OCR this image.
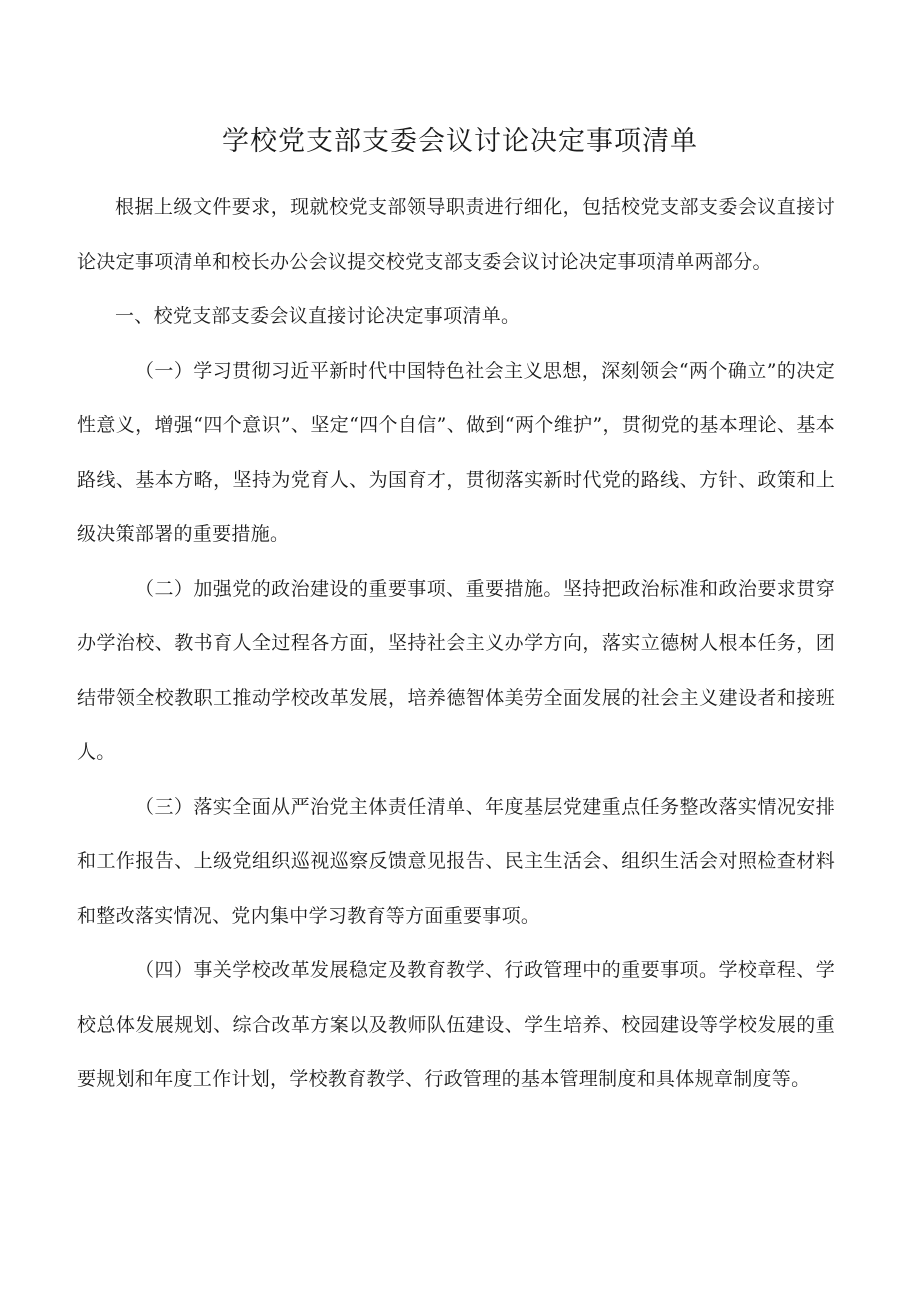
学校党支部支委会议讨论决定事项清单

根据上级文件要求，现就校党支部领导职责进行细化，包括校党支部支委会议直接讨论决定事项清单和校长办公会议提交校党支部支委会议讨论决定事项清单两部分。

一、校党支部支委会议直接讨论决定事项清单。

（一）学习贯彻习近平新时代中国特色社会主义思想，深刻领会“两个确立”的决定性意义，增强“四个意识”、坚定“四个自信”、做到“两个维护”，贯彻党的基本理论、基本路线、基本方略，坚持为党育人、为国育才，贯彻落实新时代党的路线、方针、政策和上级决策部署的重要措施。

（二）加强党的政治建设的重要事项、重要措施。坚持把政治标准和政治要求贯穿办学治校、教书育人全过程各方面，坚持社会主义办学方向，落实立德树人根本任务，团结带领全校教职工推动学校改革发展，培养德智体美劳全面发展的社会主义建设者和接班人。

（三）落实全面从严治党主体责任清单、年度基层党建重点任务整改落实情况安排和工作报告、上级党组织巡视巡察反馈意见报告、民主生活会、组织生活会对照检查材料和整改落实情况、党内集中学习教育等方面重要事项。

（四）事关学校改革发展稳定及教育教学、行政管理中的重要事项。学校章程、学校总体发展规划、综合改革方案以及教师队伍建设、学生培养、校园建设等学校发展的重要规划和年度工作计划，学校教育教学、行政管理的基本管理制度和具体规章制度等。
